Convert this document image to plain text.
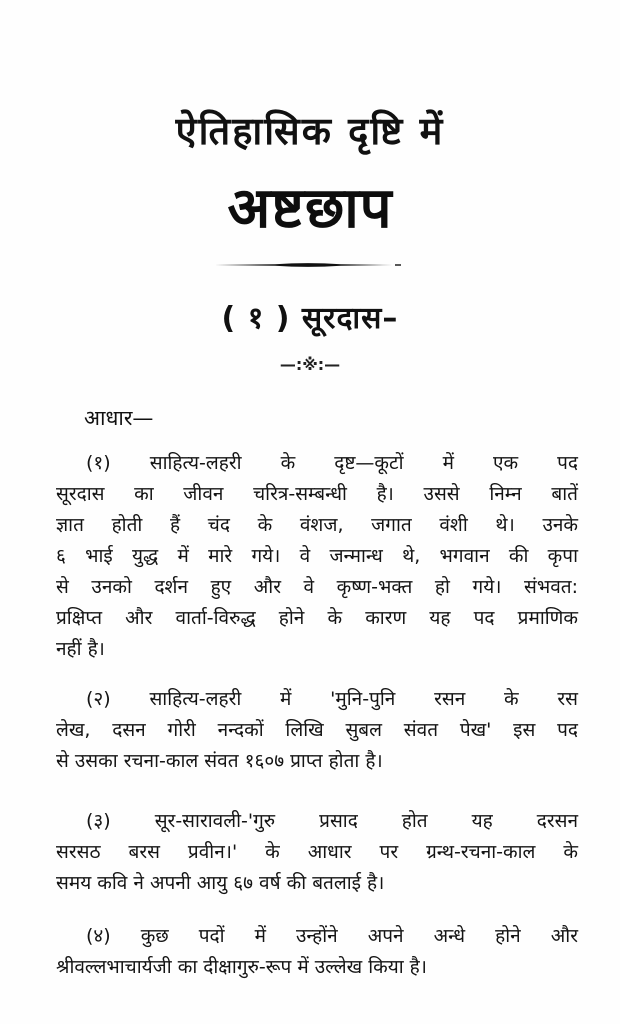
ऐतिहासिक दृष्टि में
अष्टछाप
( १ ) सूरदास–
—:※:—
आधार—
(१) साहित्य-लहरी के दृष्ट—कूटों में एक पद
सूरदास का जीवन चरित्र-सम्बन्धी है। उससे निम्न बातें
ज्ञात होती हैं चंद के वंशज, जगात वंशी थे। उनके
६ भाई युद्ध में मारे गये। वे जन्मान्ध थे, भगवान की कृपा
से उनको दर्शन हुए और वे कृष्ण-भक्त हो गये। संभवत:
प्रक्षिप्त और वार्ता-विरुद्ध होने के कारण यह पद प्रमाणिक
नहीं है।
(२) साहित्य-लहरी में 'मुनि-पुनि रसन के रस
लेख, दसन गोरी नन्दकों लिखि सुबल संवत पेख' इस पद
से उसका रचना-काल संवत १६०७ प्राप्त होता है।
(३) सूर-सारावली-'गुरु प्रसाद होत यह दरसन
सरसठ बरस प्रवीन।' के आधार पर ग्रन्थ-रचना-काल के
समय कवि ने अपनी आयु ६७ वर्ष की बतलाई है।
(४) कुछ पदों में उन्होंने अपने अन्धे होने और
श्रीवल्लभाचार्यजी का दीक्षागुरु-रूप में उल्लेख किया है।
